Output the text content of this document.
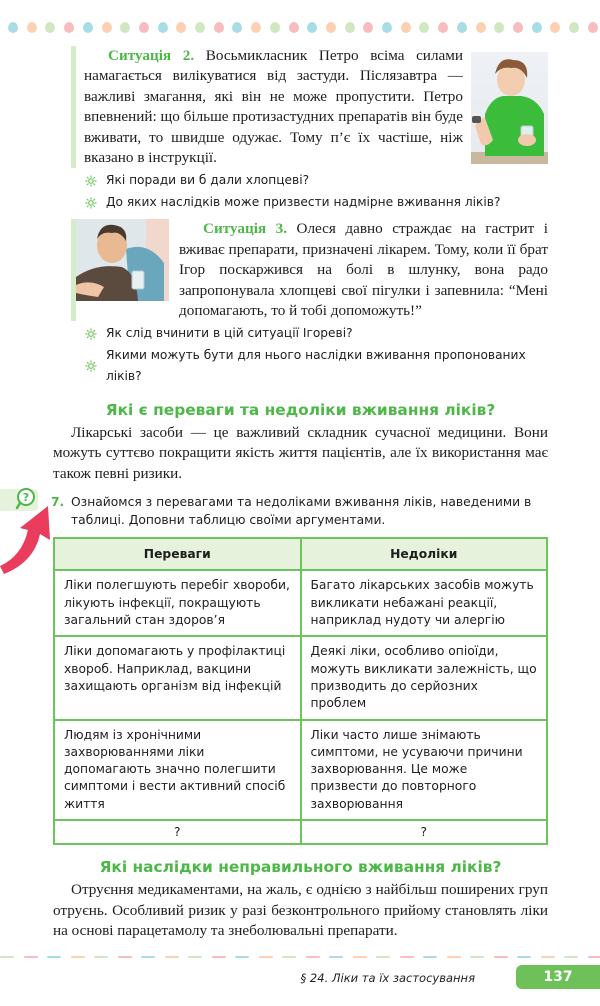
Ситуація 2. Восьмикласник Петро всіма силами намагається вилікуватися від застуди. Післязавтра — важливі змагання, які він не може пропустити. Петро впевнений: що більше протизастудних препаратів він буде вживати, то швидше одужає. Тому п’є їх частіше, ніж вказано в інструкції.

Які поради ви б дали хлопцеві?
До яких наслідків може призвести надмірне вживання ліків?

Ситуація 3. Олеся давно страждає на гастрит і вживає препарати, призначені лікарем. Тому, коли її брат Ігор поскаржився на болі в шлунку, вона радо запропонувала хлопцеві свої пігулки і запевнила: “Мені допомагають, то й тобі допоможуть!”

Як слід вчинити в цій ситуації Ігореві?
Якими можуть бути для нього наслідки вживання пропонованих ліків?
Які є переваги та недоліки вживання ліків?

Лікарські засоби — це важливий складник сучасної медицини. Вони можуть суттєво покращити якість життя пацієнтів, але їх використання має також певні ризики.

? 7. Ознайомся з перевагами та недоліками вживання ліків, наведеними в таблиці. Доповни таблицю своїми аргументами.
Переваги	Недоліки
Ліки полегшують перебіг хвороби, лікують інфекції, покращують загальний стан здоров’я	Багато лікарських засобів можуть викликати небажані реакції, наприклад нудоту чи алергію
Ліки допомагають у профілактиці хвороб. Наприклад, вакцини захищають організм від інфекцій	Деякі ліки, особливо опіоїди, можуть викликати залежність, що призводить до серйозних проблем
Людям із хронічними захворюваннями ліки допомагають значно полегшити симптоми і вести активний спосіб життя	Ліки часто лише знімають симптоми, не усуваючи причини захворювання. Це може призвести до повторного захворювання
?	?
Які наслідки неправильного вживання ліків?

Отруєння медикаментами, на жаль, є однією з найбільш поширених груп отруєнь. Особливий ризик у разі безконтрольного прийому становлять ліки на основі парацетамолу та знеболювальні препарати.

§ 24. Ліки та їх застосування	137
